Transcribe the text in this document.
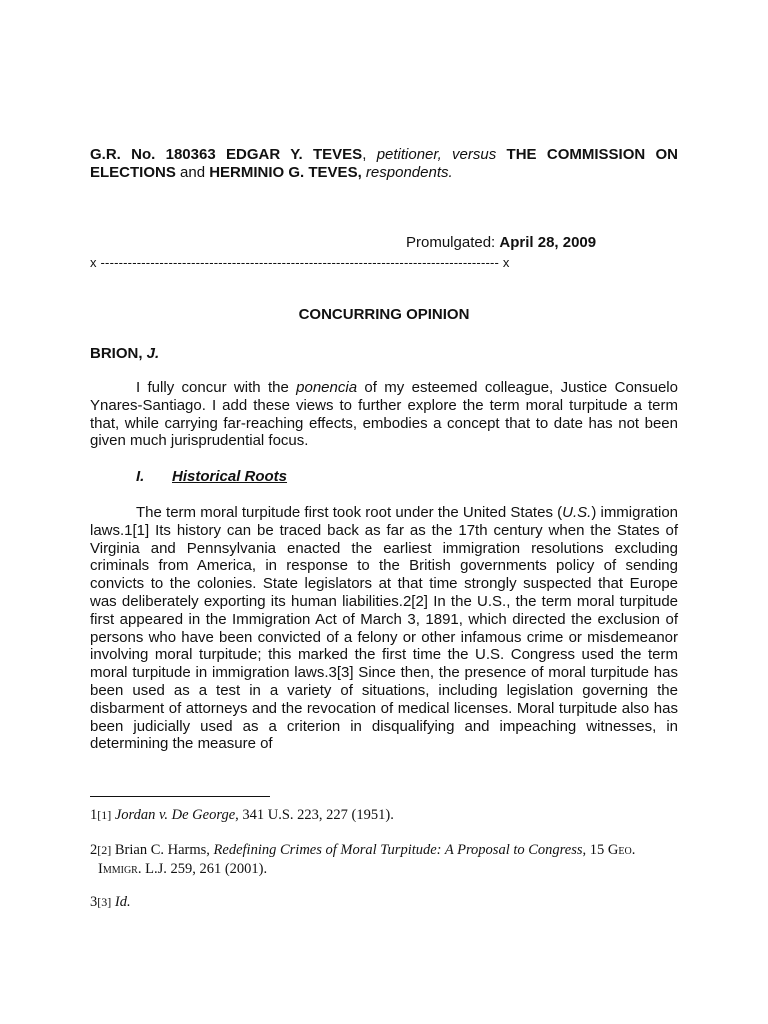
G.R. No. 180363 EDGAR Y. TEVES, petitioner, versus THE COMMISSION ON ELECTIONS and HERMINIO G. TEVES, respondents.
Promulgated: April 28, 2009
x ---------------------------------------------------------------------------------------- x
CONCURRING OPINION
BRION, J.
I fully concur with the ponencia of my esteemed colleague, Justice Consuelo Ynares-Santiago. I add these views to further explore the term moral turpitude a term that, while carrying far-reaching effects, embodies a concept that to date has not been given much jurisprudential focus.
I. Historical Roots
The term moral turpitude first took root under the United States (U.S.) immigration laws.1[1] Its history can be traced back as far as the 17th century when the States of Virginia and Pennsylvania enacted the earliest immigration resolutions excluding criminals from America, in response to the British governments policy of sending convicts to the colonies. State legislators at that time strongly suspected that Europe was deliberately exporting its human liabilities.2[2] In the U.S., the term moral turpitude first appeared in the Immigration Act of March 3, 1891, which directed the exclusion of persons who have been convicted of a felony or other infamous crime or misdemeanor involving moral turpitude; this marked the first time the U.S. Congress used the term moral turpitude in immigration laws.3[3] Since then, the presence of moral turpitude has been used as a test in a variety of situations, including legislation governing the disbarment of attorneys and the revocation of medical licenses. Moral turpitude also has been judicially used as a criterion in disqualifying and impeaching witnesses, in determining the measure of
1[1] Jordan v. De George, 341 U.S. 223, 227 (1951).
2[2] Brian C. Harms, Redefining Crimes of Moral Turpitude: A Proposal to Congress, 15 Geo.
Immigr. L.J. 259, 261 (2001).
3[3] Id.
